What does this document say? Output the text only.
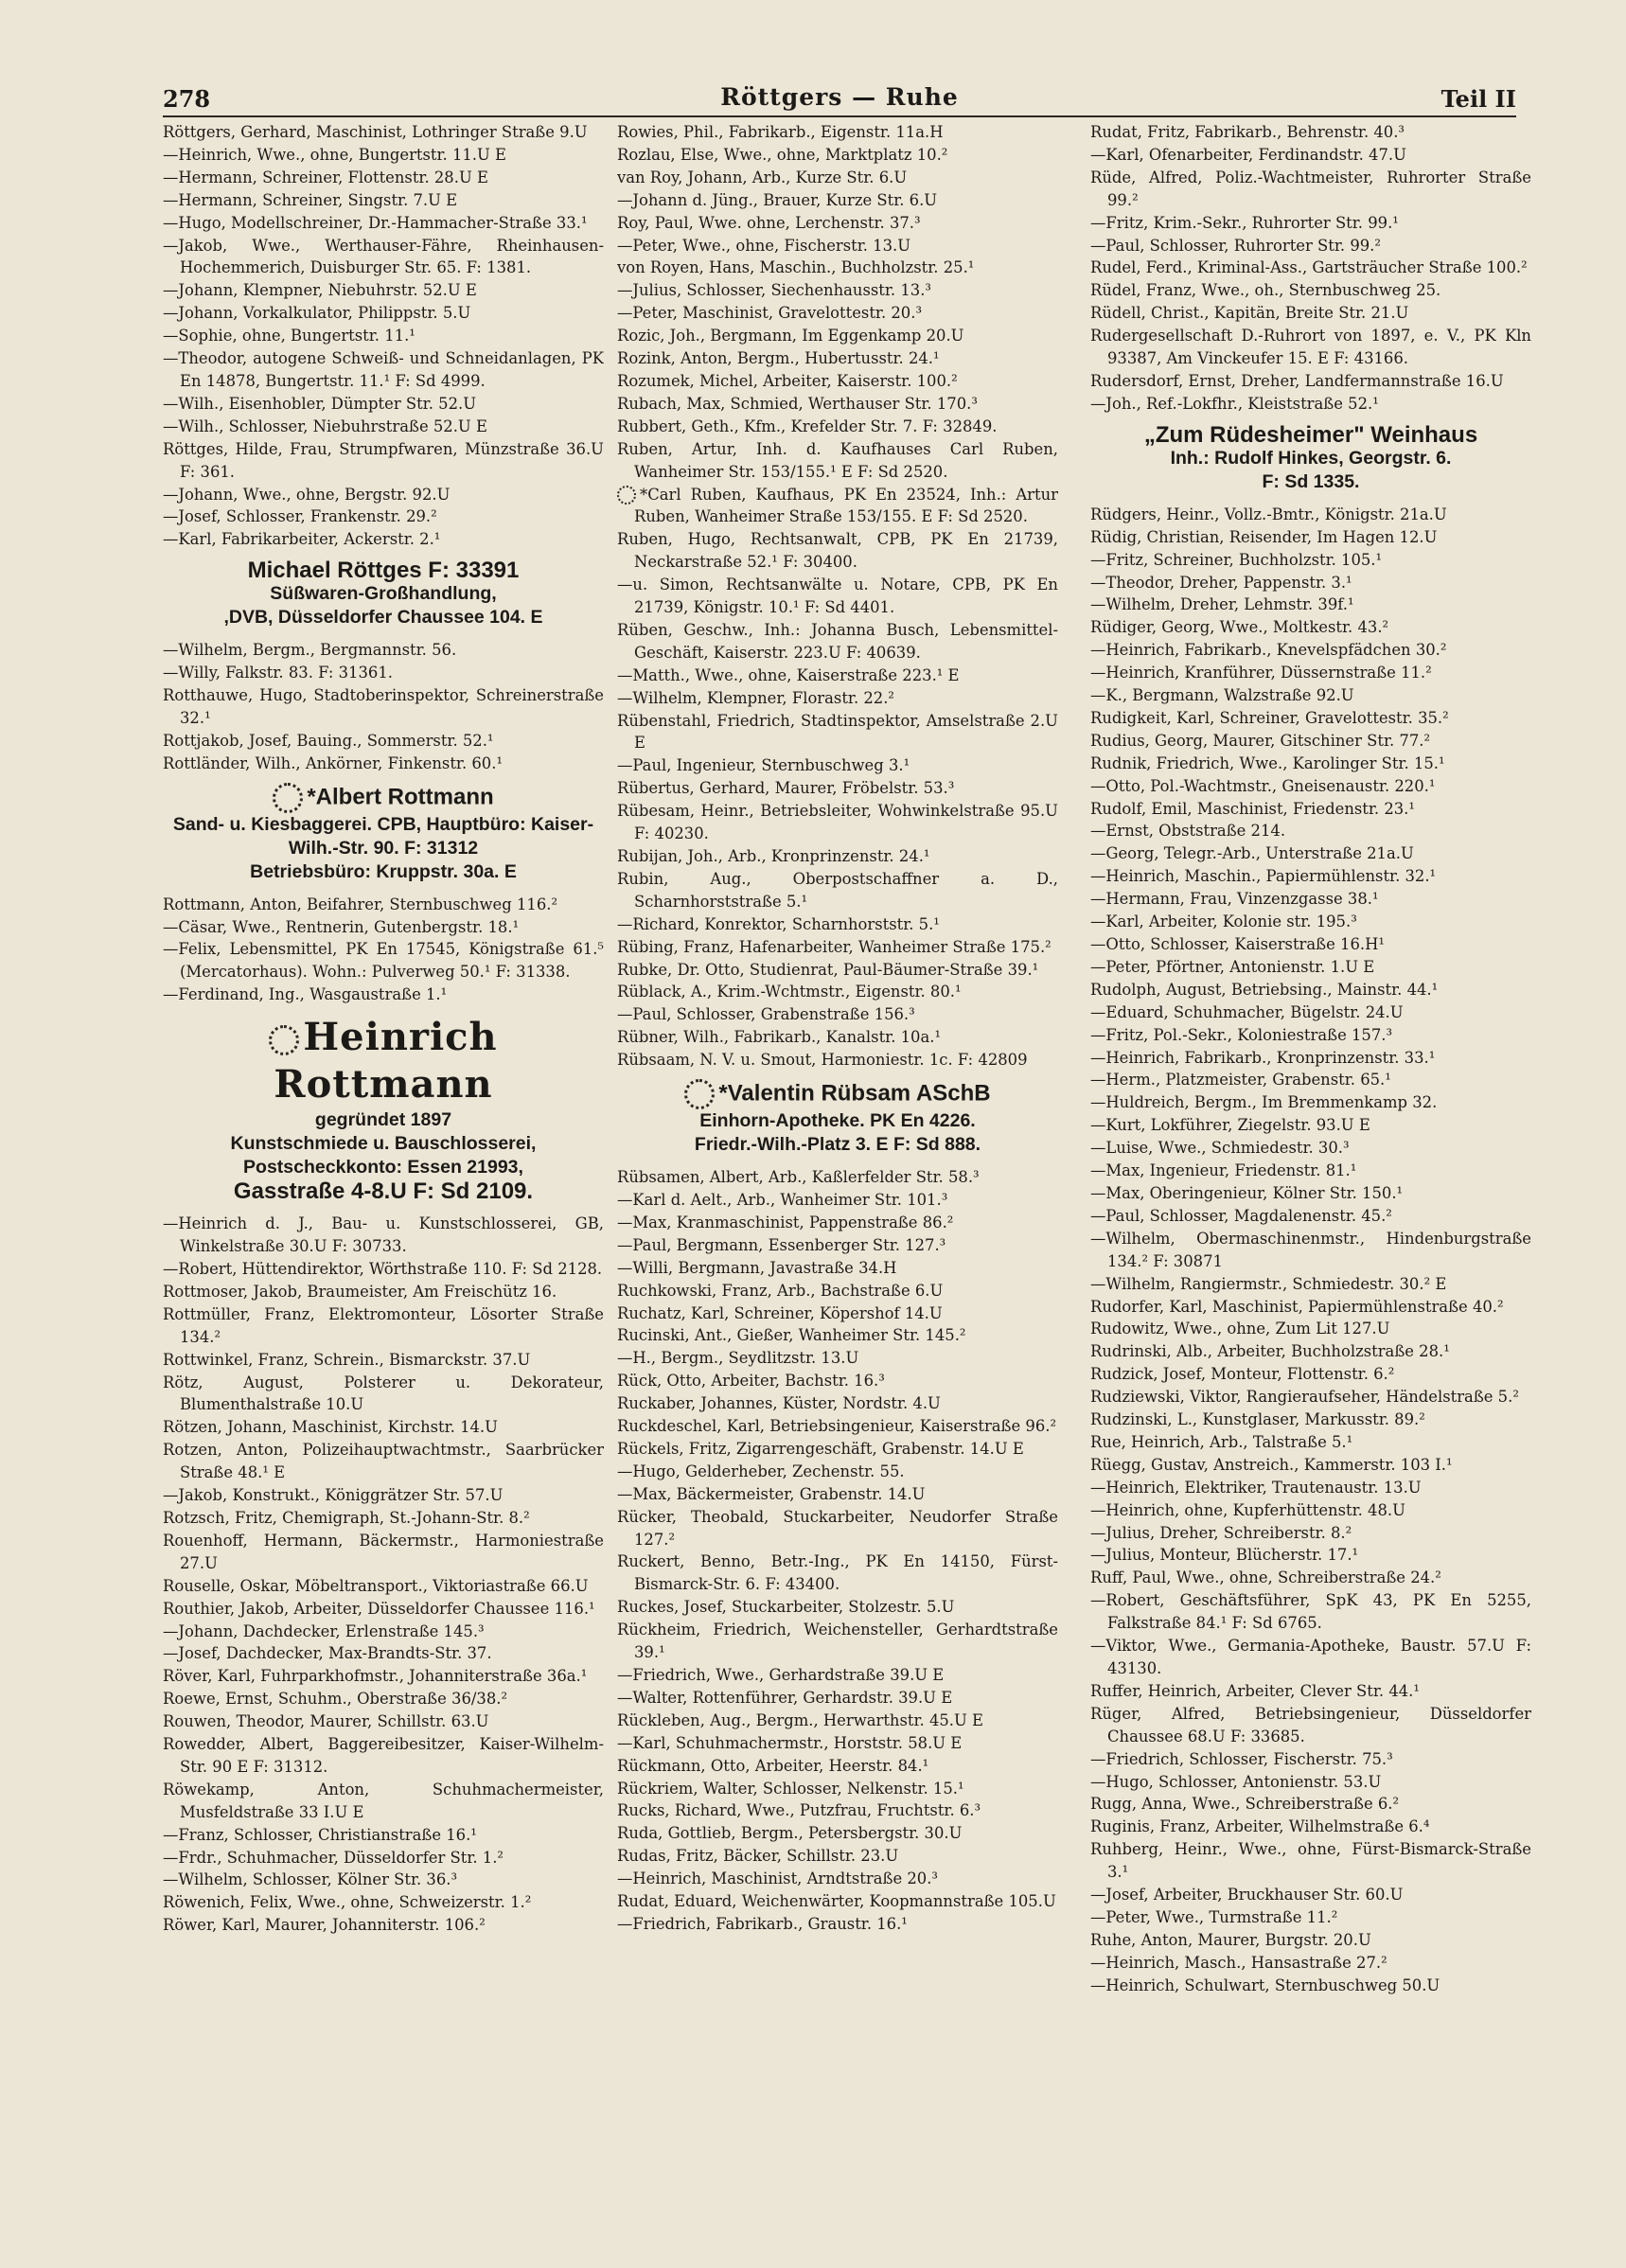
278	Röttgers — Ruhe	Teil II
Röttgers, Gerhard, Maschinist, Lothringer Straße 9.U
—Heinrich, Wwe., ohne, Bungertstr. 11.U E
—Hermann, Schreiner, Flottenstr. 28.U E
—Hermann, Schreiner, Singstr. 7.U E
—Hugo, Modellschreiner, Dr.-Hammacher-Straße 33.¹
—Jakob, Wwe., Werthauser-Fähre, Rheinhausen-Hochemmerich, Duisburger Str. 65. F: 1381.
—Johann, Klempner, Niebuhrstr. 52.U E
—Johann, Vorkalkulator, Philippstr. 5.U
—Sophie, ohne, Bungertstr. 11.¹
—Theodor, autogene Schweiß- und Schneidanlagen, PK En 14878, Bungertstr. 11.¹ F: Sd 4999.
—Wilh., Eisenhobler, Dümpter Str. 52.U
—Wilh., Schlosser, Niebuhrstraße 52.U E
Röttges, Hilde, Frau, Strumpfwaren, Münzstraße 36.U F: 361.
—Johann, Wwe., ohne, Bergstr. 92.U
—Josef, Schlosser, Frankenstr. 29.²
—Karl, Fabrikarbeiter, Ackerstr. 2.¹
Michael Röttges F: 33391
Süßwaren-Großhandlung,
,DVB, Düsseldorfer Chaussee 104. E
—Wilhelm, Bergm., Bergmannstr. 56.
—Willy, Falkstr. 83. F: 31361.
Rotthauwe, Hugo, Stadtoberinspektor, Schreinerstraße 32.¹
Rottjakob, Josef, Bauing., Sommerstr. 52.¹
Rottländer, Wilh., Ankörner, Finkenstr. 60.¹
*Albert Rottmann
Sand- u. Kiesbaggerei. CPB, Hauptbüro: Kaiser-Wilh.-Str. 90. F: 31312
Betriebsbüro: Kruppstr. 30a. E
Rottmann, Anton, Beifahrer, Sternbuschweg 116.²
—Cäsar, Wwe., Rentnerin, Gutenbergstr. 18.¹
—Felix, Lebensmittel, PK En 17545, Königstraße 61.⁵ (Mercatorhaus). Wohn.: Pulverweg 50.¹ F: 31338.
—Ferdinand, Ing., Wasgaustraße 1.¹
Heinrich Rottmann
gegründet 1897
Kunstschmiede u. Bauschlosserei,
Postscheckkonto: Essen 21993,
Gasstraße 4-8.U F: Sd 2109.
—Heinrich d. J., Bau- u. Kunstschlosserei, GB, Winkelstraße 30.U F: 30733.
—Robert, Hüttendirektor, Wörthstraße 110. F: Sd 2128.
Rottmoser, Jakob, Braumeister, Am Freischütz 16.
Rottmüller, Franz, Elektromonteur, Lösorter Straße 134.²
Rottwinkel, Franz, Schrein., Bismarckstr. 37.U
Rötz, August, Polsterer u. Dekorateur, Blumenthalstraße 10.U
Rötzen, Johann, Maschinist, Kirchstr. 14.U
Rotzen, Anton, Polizeihauptwachtmstr., Saarbrücker Straße 48.¹ E
—Jakob, Konstrukt., Königgrätzer Str. 57.U
Rotzsch, Fritz, Chemigraph, St.-Johann-Str. 8.²
Rouenhoff, Hermann, Bäckermstr., Harmoniestraße 27.U
Rouselle, Oskar, Möbeltransport., Viktoriastraße 66.U
Routhier, Jakob, Arbeiter, Düsseldorfer Chaussee 116.¹
—Johann, Dachdecker, Erlenstraße 145.³
—Josef, Dachdecker, Max-Brandts-Str. 37.
Röver, Karl, Fuhrparkhofmstr., Johanniterstraße 36a.¹
Roewe, Ernst, Schuhm., Oberstraße 36/38.²
Rouwen, Theodor, Maurer, Schillstr. 63.U
Rowedder, Albert, Baggereibesitzer, Kaiser-Wilhelm-Str. 90 E F: 31312.
Röwekamp, Anton, Schuhmachermeister, Musfeldstraße 33 I.U E
—Franz, Schlosser, Christianstraße 16.¹
—Frdr., Schuhmacher, Düsseldorfer Str. 1.²
—Wilhelm, Schlosser, Kölner Str. 36.³
Röwenich, Felix, Wwe., ohne, Schweizerstr. 1.²
Röwer, Karl, Maurer, Johanniterstr. 106.²
Rowies, Phil., Fabrikarb., Eigenstr. 11a.H
Rozlau, Else, Wwe., ohne, Marktplatz 10.²
van Roy, Johann, Arb., Kurze Str. 6.U
—Johann d. Jüng., Brauer, Kurze Str. 6.U
Roy, Paul, Wwe. ohne, Lerchenstr. 37.³
—Peter, Wwe., ohne, Fischerstr. 13.U
von Royen, Hans, Maschin., Buchholzstr. 25.¹
—Julius, Schlosser, Siechenhausstr. 13.³
—Peter, Maschinist, Gravelottestr. 20.³
Rozic, Joh., Bergmann, Im Eggenkamp 20.U
Rozink, Anton, Bergm., Hubertusstr. 24.¹
Rozumek, Michel, Arbeiter, Kaiserstr. 100.²
Rubach, Max, Schmied, Werthauser Str. 170.³
Rubbert, Geth., Kfm., Krefelder Str. 7. F: 32849.
Ruben, Artur, Inh. d. Kaufhauses Carl Ruben, Wanheimer Str. 153/155.¹ E F: Sd 2520.
*Carl Ruben, Kaufhaus, PK En 23524, Inh.: Artur Ruben, Wanheimer Straße 153/155. E F: Sd 2520.
Ruben, Hugo, Rechtsanwalt, CPB, PK En 21739, Neckarstraße 52.¹ F: 30400.
—u. Simon, Rechtsanwälte u. Notare, CPB, PK En 21739, Königstr. 10.¹ F: Sd 4401.
Rüben, Geschw., Inh.: Johanna Busch, Lebensmittel-Geschäft, Kaiserstr. 223.U F: 40639.
—Matth., Wwe., ohne, Kaiserstraße 223.¹ E
—Wilhelm, Klempner, Florastr. 22.²
Rübenstahl, Friedrich, Stadtinspektor, Amselstraße 2.U E
—Paul, Ingenieur, Sternbuschweg 3.¹
Rübertus, Gerhard, Maurer, Fröbelstr. 53.³
Rübesam, Heinr., Betriebsleiter, Wohwinkelstraße 95.U F: 40230.
Rubijan, Joh., Arb., Kronprinzenstr. 24.¹
Rubin, Aug., Oberpostschaffner a. D., Scharnhorststraße 5.¹
—Richard, Konrektor, Scharnhorststr. 5.¹
Rübing, Franz, Hafenarbeiter, Wanheimer Straße 175.²
Rubke, Dr. Otto, Studienrat, Paul-Bäumer-Straße 39.¹
Rüblack, A., Krim.-Wchtmstr., Eigenstr. 80.¹
—Paul, Schlosser, Grabenstraße 156.³
Rübner, Wilh., Fabrikarb., Kanalstr. 10a.¹
Rübsaam, N. V. u. Smout, Harmoniestr. 1c. F: 42809
*Valentin Rübsam ASchB
Einhorn-Apotheke. PK En 4226.
Friedr.-Wilh.-Platz 3. E F: Sd 888.
Rübsamen, Albert, Arb., Kaßlerfelder Str. 58.³
—Karl d. Aelt., Arb., Wanheimer Str. 101.³
—Max, Kranmaschinist, Pappenstraße 86.²
—Paul, Bergmann, Essenberger Str. 127.³
—Willi, Bergmann, Javastraße 34.H
Ruchkowski, Franz, Arb., Bachstraße 6.U
Ruchatz, Karl, Schreiner, Köpershof 14.U
Rucinski, Ant., Gießer, Wanheimer Str. 145.²
—H., Bergm., Seydlitzstr. 13.U
Rück, Otto, Arbeiter, Bachstr. 16.³
Ruckaber, Johannes, Küster, Nordstr. 4.U
Ruckdeschel, Karl, Betriebsingenieur, Kaiserstraße 96.²
Rückels, Fritz, Zigarrengeschäft, Grabenstr. 14.U E
—Hugo, Gelderheber, Zechenstr. 55.
—Max, Bäckermeister, Grabenstr. 14.U
Rücker, Theobald, Stuckarbeiter, Neudorfer Straße 127.²
Ruckert, Benno, Betr.-Ing., PK En 14150, Fürst-Bismarck-Str. 6. F: 43400.
Ruckes, Josef, Stuckarbeiter, Stolzestr. 5.U
Rückheim, Friedrich, Weichensteller, Gerhardtstraße 39.¹
—Friedrich, Wwe., Gerhardstraße 39.U E
—Walter, Rottenführer, Gerhardstr. 39.U E
Rückleben, Aug., Bergm., Herwarthstr. 45.U E
—Karl, Schuhmachermstr., Horststr. 58.U E
Rückmann, Otto, Arbeiter, Heerstr. 84.¹
Rückriem, Walter, Schlosser, Nelkenstr. 15.¹
Rucks, Richard, Wwe., Putzfrau, Fruchtstr. 6.³
Ruda, Gottlieb, Bergm., Petersbergstr. 30.U
Rudas, Fritz, Bäcker, Schillstr. 23.U
—Heinrich, Maschinist, Arndtstraße 20.³
Rudat, Eduard, Weichenwärter, Koopmannstraße 105.U
—Friedrich, Fabrikarb., Graustr. 16.¹
Rudat, Fritz, Fabrikarb., Behrenstr. 40.³
—Karl, Ofenarbeiter, Ferdinandstr. 47.U
Rüde, Alfred, Poliz.-Wachtmeister, Ruhrorter Straße 99.²
—Fritz, Krim.-Sekr., Ruhrorter Str. 99.¹
—Paul, Schlosser, Ruhrorter Str. 99.²
Rudel, Ferd., Kriminal-Ass., Gartsträucher Straße 100.²
Rüdel, Franz, Wwe., oh., Sternbuschweg 25.
Rüdell, Christ., Kapitän, Breite Str. 21.U
Rudergesellschaft D.-Ruhrort von 1897, e. V., PK Kln 93387, Am Vinckeufer 15. E F: 43166.
Rudersdorf, Ernst, Dreher, Landfermannstraße 16.U
—Joh., Ref.-Lokfhr., Kleiststraße 52.¹
„Zum Rüdesheimer" Weinhaus
Inh.: Rudolf Hinkes, Georgstr. 6.
F: Sd 1335.
Rüdgers, Heinr., Vollz.-Bmtr., Königstr. 21a.U
Rüdig, Christian, Reisender, Im Hagen 12.U
—Fritz, Schreiner, Buchholzstr. 105.¹
—Theodor, Dreher, Pappenstr. 3.¹
—Wilhelm, Dreher, Lehmstr. 39f.¹
Rüdiger, Georg, Wwe., Moltkestr. 43.²
—Heinrich, Fabrikarb., Knevelspfädchen 30.²
—Heinrich, Kranführer, Düssernstraße 11.²
—K., Bergmann, Walzstraße 92.U
Rudigkeit, Karl, Schreiner, Gravelottestr. 35.²
Rudius, Georg, Maurer, Gitschiner Str. 77.²
Rudnik, Friedrich, Wwe., Karolinger Str. 15.¹
—Otto, Pol.-Wachtmstr., Gneisenaustr. 220.¹
Rudolf, Emil, Maschinist, Friedenstr. 23.¹
—Ernst, Obststraße 214.
—Georg, Telegr.-Arb., Unterstraße 21a.U
—Heinrich, Maschin., Papiermühlenstr. 32.¹
—Hermann, Frau, Vinzenzgasse 38.¹
—Karl, Arbeiter, Kolonie str. 195.³
—Otto, Schlosser, Kaiserstraße 16.H¹
—Peter, Pförtner, Antonienstr. 1.U E
Rudolph, August, Betriebsing., Mainstr. 44.¹
—Eduard, Schuhmacher, Bügelstr. 24.U
—Fritz, Pol.-Sekr., Koloniestraße 157.³
—Heinrich, Fabrikarb., Kronprinzenstr. 33.¹
—Herm., Platzmeister, Grabenstr. 65.¹
—Huldreich, Bergm., Im Bremmenkamp 32.
—Kurt, Lokführer, Ziegelstr. 93.U E
—Luise, Wwe., Schmiedestr. 30.³
—Max, Ingenieur, Friedenstr. 81.¹
—Max, Oberingenieur, Kölner Str. 150.¹
—Paul, Schlosser, Magdalenenstr. 45.²
—Wilhelm, Obermaschinenmstr., Hindenburgstraße 134.² F: 30871
—Wilhelm, Rangiermstr., Schmiedestr. 30.² E
Rudorfer, Karl, Maschinist, Papiermühlenstraße 40.²
Rudowitz, Wwe., ohne, Zum Lit 127.U
Rudrinski, Alb., Arbeiter, Buchholzstraße 28.¹
Rudzick, Josef, Monteur, Flottenstr. 6.²
Rudziewski, Viktor, Rangieraufseher, Händelstraße 5.²
Rudzinski, L., Kunstglaser, Markusstr. 89.²
Rue, Heinrich, Arb., Talstraße 5.¹
Rüegg, Gustav, Anstreich., Kammerstr. 103 I.¹
—Heinrich, Elektriker, Trautenaustr. 13.U
—Heinrich, ohne, Kupferhüttenstr. 48.U
—Julius, Dreher, Schreiberstr. 8.²
—Julius, Monteur, Blücherstr. 17.¹
Ruff, Paul, Wwe., ohne, Schreiberstraße 24.²
—Robert, Geschäftsführer, SpK 43, PK En 5255, Falkstraße 84.¹ F: Sd 6765.
—Viktor, Wwe., Germania-Apotheke, Baustr. 57.U F: 43130.
Ruffer, Heinrich, Arbeiter, Clever Str. 44.¹
Rüger, Alfred, Betriebsingenieur, Düsseldorfer Chaussee 68.U F: 33685.
—Friedrich, Schlosser, Fischerstr. 75.³
—Hugo, Schlosser, Antonienstr. 53.U
Rugg, Anna, Wwe., Schreiberstraße 6.²
Ruginis, Franz, Arbeiter, Wilhelmstraße 6.⁴
Ruhberg, Heinr., Wwe., ohne, Fürst-Bismarck-Straße 3.¹
—Josef, Arbeiter, Bruckhauser Str. 60.U
—Peter, Wwe., Turmstraße 11.²
Ruhe, Anton, Maurer, Burgstr. 20.U
—Heinrich, Masch., Hansastraße 27.²
—Heinrich, Schulwart, Sternbuschweg 50.U
